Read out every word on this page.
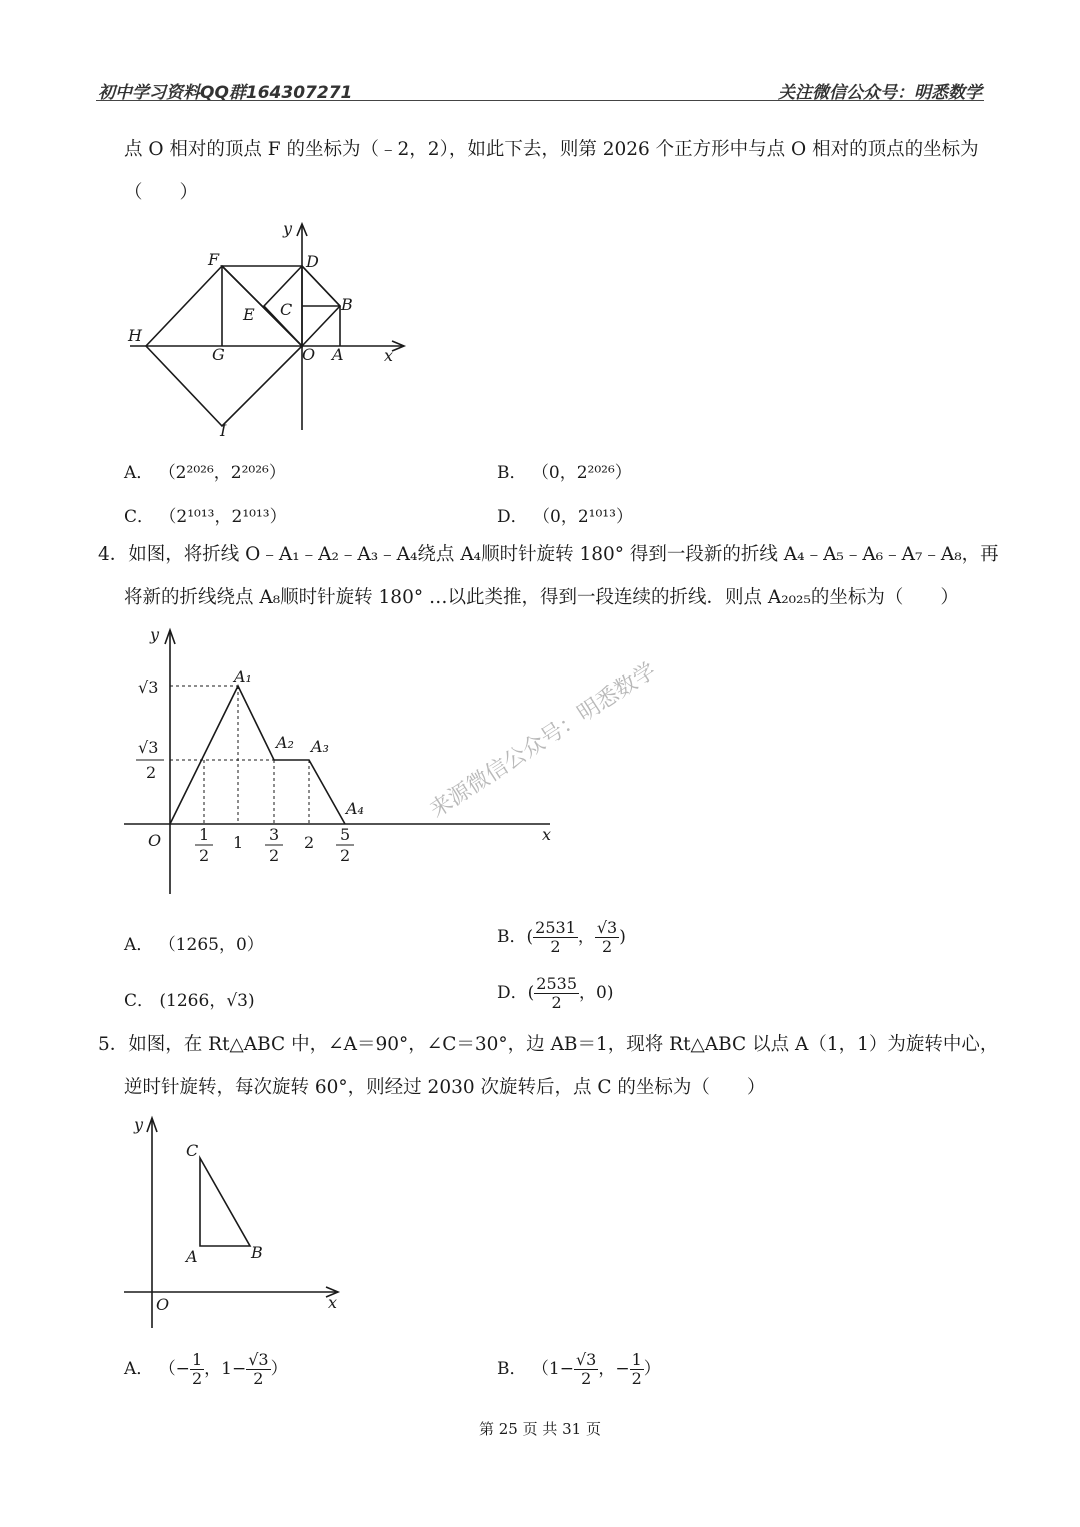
初中学习资料QQ群164307271	关注微信公众号：明悉数学
点 O 相对的顶点 F 的坐标为（﹣2，2），如此下去，则第 2026 个正方形中与点 O 相对的顶点的坐标为
（　　）
y
x
F	D
B
C
E
H
G	O A
I
A． （2²⁰²⁶，2²⁰²⁶）	B． （0，2²⁰²⁶）
C． （2¹⁰¹³，2¹⁰¹³）	D． （0，2¹⁰¹³）
4．如图，将折线 O﹣A₁﹣A₂﹣A₃﹣A₄绕点 A₄顺时针旋转 180° 得到一段新的折线 A₄﹣A₅﹣A₆﹣A₇﹣A₈，再
将新的折线绕点 A₈顺时针旋转 180° …以此类推，得到一段连续的折线．则点 A₂₀₂₅的坐标为（　　）
y
x
O
A₁
A₂ A₃
A₄
√3
√3
2
1
2
1 3
2
2 5
2
来源微信公众号：明悉数学
A． （1265，0）	B．( $\frac{2531}{2}$ ， $\frac{√3}{2}$ )
C． (1266，√3)	D．( $\frac{2535}{2}$ ，0)
5．如图，在 Rt△ABC 中，∠A＝90°，∠C＝30°，边 AB＝1，现将 Rt△ABC 以点 A（1，1）为旋转中心，
逆时针旋转，每次旋转 60°，则经过 2030 次旋转后，点 C 的坐标为（　　）
y
x
O
A	B
C
A． （− $\frac{1}{2}$ ，$1- \frac{√3}{2}$ ）	B． （$1- \frac{√3}{2}$ ，− $\frac{1}{2}$ ）
第 25 页 共 31 页
